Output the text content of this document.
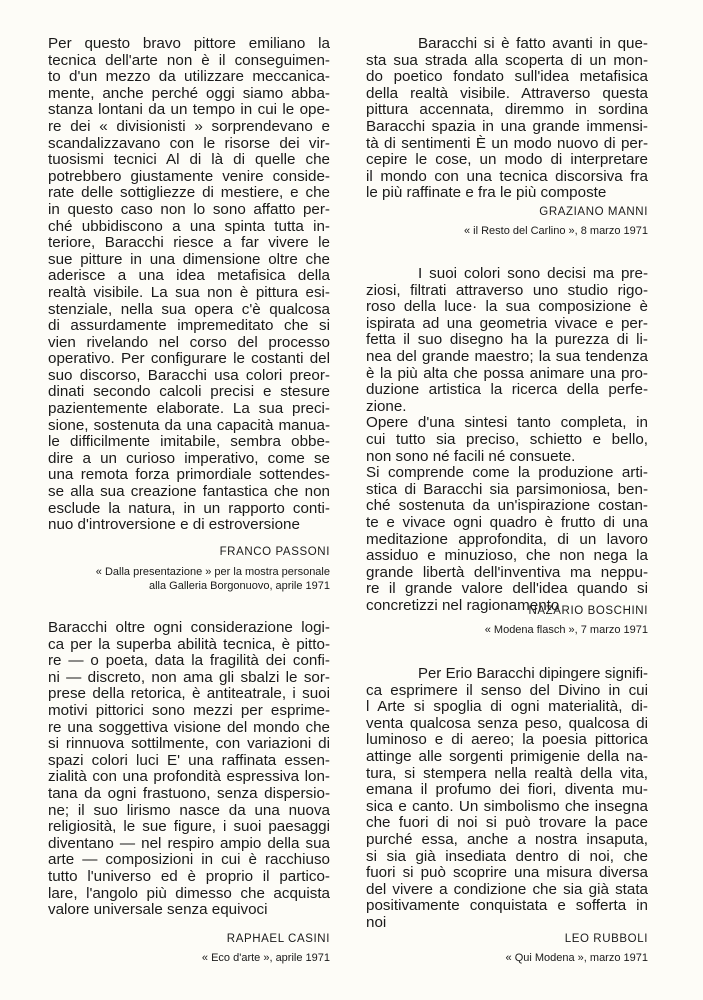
Per questo bravo pittore emiliano la
tecnica dell'arte non è il conseguimen-
to d'un mezzo da utilizzare meccanica-
mente, anche perché oggi siamo abba-
stanza lontani da un tempo in cui le ope-
re dei « divisionisti » sorprendevano e
scandalizzavano con le risorse dei vir-
tuosismi tecnici Al di là di quelle che
potrebbero giustamente venire conside-
rate delle sottigliezze di mestiere, e che
in questo caso non lo sono affatto per-
ché ubbidiscono a una spinta tutta in-
teriore, Baracchi riesce a far vivere le
sue pitture in una dimensione oltre che
aderisce a una idea metafisica della
realtà visibile. La sua non è pittura esi-
stenziale, nella sua opera c'è qualcosa
di assurdamente impremeditato che si
vien rivelando nel corso del processo
operativo. Per configurare le costanti del
suo discorso, Baracchi usa colori preor-
dinati secondo calcoli precisi e stesure
pazientemente elaborate. La sua preci-
sione, sostenuta da una capacità manua-
le difficilmente imitabile, sembra obbe-
dire a un curioso imperativo, come se
una remota forza primordiale sottendes-
se alla sua creazione fantastica che non
esclude la natura, in un rapporto conti-
nuo d'introversione e di estroversione

FRANCO PASSONI
« Dalla presentazione » per la mostra personale
alla Galleria Borgonuovo, aprile 1971

Baracchi oltre ogni considerazione logi-
ca per la superba abilità tecnica, è pitto-
re — o poeta, data la fragilità dei confi-
ni — discreto, non ama gli sbalzi le sor-
prese della retorica, è antiteatrale, i suoi
motivi pittorici sono mezzi per esprime-
re una soggettiva visione del mondo che
si rinnuova sottilmente, con variazioni di
spazi colori luci E' una raffinata essen-
zialità con una profondità espressiva lon-
tana da ogni frastuono, senza dispersio-
ne; il suo lirismo nasce da una nuova
religiosità, le sue figure, i suoi paesaggi
diventano — nel respiro ampio della sua
arte — composizioni in cui è racchiuso
tutto l'universo ed è proprio il partico-
lare, l'angolo più dimesso che acquista
valore universale senza equivoci

RAPHAEL CASINI
« Eco d'arte », aprile 1971

Baracchi si è fatto avanti in que-
sta sua strada alla scoperta di un mon-
do poetico fondato sull'idea metafisica
della realtà visibile. Attraverso questa
pittura accennata, diremmo in sordina
Baracchi spazia in una grande immensi-
tà di sentimenti È un modo nuovo di per-
cepire le cose, un modo di interpretare
il mondo con una tecnica discorsiva fra
le più raffinate e fra le più composte

GRAZIANO MANNI
« il Resto del Carlino », 8 marzo 1971

I suoi colori sono decisi ma pre-
ziosi, filtrati attraverso uno studio rigo-
roso della luce· la sua composizione è
ispirata ad una geometria vivace e per-
fetta il suo disegno ha la purezza di li-
nea del grande maestro; la sua tendenza
è la più alta che possa animare una pro-
duzione artistica la ricerca della perfe-
zione.
Opere d'una sintesi tanto completa, in
cui tutto sia preciso, schietto e bello,
non sono né facili né consuete.
Si comprende come la produzione arti-
stica di Baracchi sia parsimoniosa, ben-
ché sostenuta da un'ispirazione costan-
te e vivace ogni quadro è frutto di una
meditazione approfondita, di un lavoro
assiduo e minuzioso, che non nega la
grande libertà dell'inventiva ma neppu-
re il grande valore dell'idea quando si
concretizzi nel ragionamento

NAZARIO BOSCHINI
« Modena flasch », 7 marzo 1971

Per Erio Baracchi dipingere signifi-
ca esprimere il senso del Divino in cui
l Arte si spoglia di ogni materialità, di-
venta qualcosa senza peso, qualcosa di
luminoso e di aereo; la poesia pittorica
attinge alle sorgenti primigenie della na-
tura, si stempera nella realtà della vita,
emana il profumo dei fiori, diventa mu-
sica e canto. Un simbolismo che insegna
che fuori di noi si può trovare la pace
purché essa, anche a nostra insaputa,
si sia già insediata dentro di noi, che
fuori si può scoprire una misura diversa
del vivere a condizione che sia già stata
positivamente conquistata e sofferta in
noi

LEO RUBBOLI
« Qui Modena », marzo 1971
